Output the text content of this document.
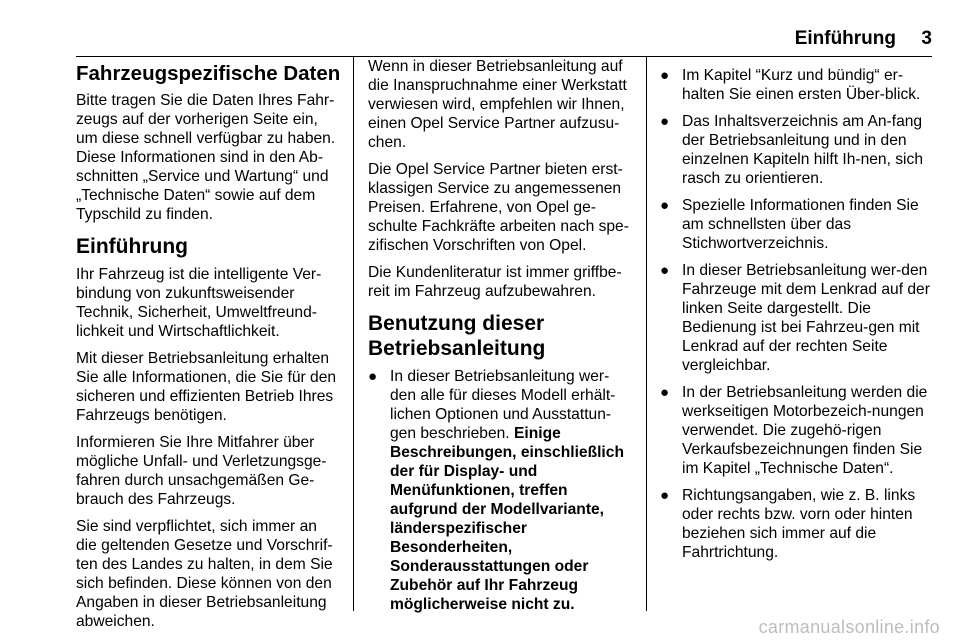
Einführung 3
Fahrzeugspezifische Daten

Bitte tragen Sie die Daten Ihres Fahr-zeugs auf der vorherigen Seite ein, um diese schnell verfügbar zu haben. Diese Informationen sind in den Ab-schnitten „Service und Wartung“ und „Technische Daten“ sowie auf dem Typschild zu finden.

Einführung

Ihr Fahrzeug ist die intelligente Ver-bindung von zukunftsweisender Technik, Sicherheit, Umweltfreund-lichkeit und Wirtschaftlichkeit.

Mit dieser Betriebsanleitung erhalten Sie alle Informationen, die Sie für den sicheren und effizienten Betrieb Ihres Fahrzeugs benötigen.

Informieren Sie Ihre Mitfahrer über mögliche Unfall- und Verletzungsge-fahren durch unsachgemäßen Ge-brauch des Fahrzeugs.

Sie sind verpflichtet, sich immer an die geltenden Gesetze und Vorschrif-ten des Landes zu halten, in dem Sie sich befinden. Diese können von den Angaben in dieser Betriebsanleitung abweichen.

Wenn in dieser Betriebsanleitung auf die Inanspruchnahme einer Werkstatt verwiesen wird, empfehlen wir Ihnen, einen Opel Service Partner aufzusu-chen.

Die Opel Service Partner bieten erst-klassigen Service zu angemessenen Preisen. Erfahrene, von Opel ge-schulte Fachkräfte arbeiten nach spe-zifischen Vorschriften von Opel.

Die Kundenliteratur ist immer griffbe-reit im Fahrzeug aufzubewahren.

Benutzung dieser Betriebsanleitung
● In dieser Betriebsanleitung wer-den alle für dieses Modell erhält-lichen Optionen und Ausstattun-gen beschrieben. Einige Beschreibungen, einschließlich der für Display- und Menüfunktionen, treffen aufgrund der Modellvariante, länderspezifischer Besonderheiten, Sonderausstattungen oder Zubehör auf Ihr Fahrzeug möglicherweise nicht zu.
● Im Kapitel “Kurz und bündig“ er-halten Sie einen ersten Über-blick.
● Das Inhaltsverzeichnis am An-fang der Betriebsanleitung und in den einzelnen Kapiteln hilft Ih-nen, sich rasch zu orientieren.
● Spezielle Informationen finden Sie am schnellsten über das Stichwortverzeichnis.
● In dieser Betriebsanleitung wer-den Fahrzeuge mit dem Lenkrad auf der linken Seite dargestellt. Die Bedienung ist bei Fahrzeu-gen mit Lenkrad auf der rechten Seite vergleichbar.
● In der Betriebsanleitung werden die werkseitigen Motorbezeich-nungen verwendet. Die zugehö-rigen Verkaufsbezeichnungen finden Sie im Kapitel „Technische Daten“.
● Richtungsangaben, wie z. B. links oder rechts bzw. vorn oder hinten beziehen sich immer auf die Fahrtrichtung.
carmanualsonline.info
